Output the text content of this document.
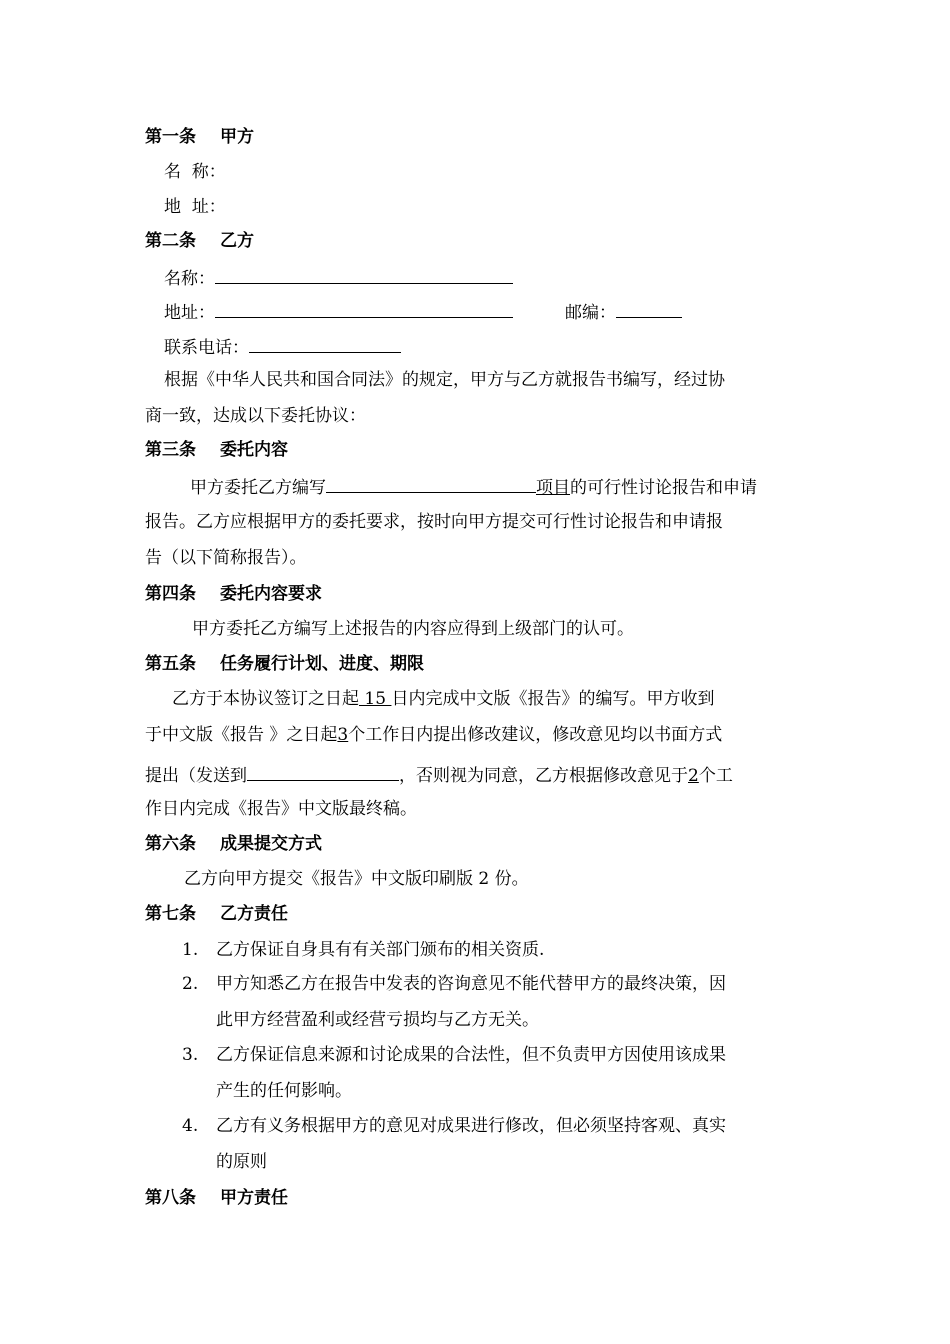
第一条 甲方
名  称：
地  址：
第二条 乙方
名称：
地址：	邮编：
联系电话：
根据《中华人民共和国合同法》的规定，甲方与乙方就报告书编写，经过协
商一致，达成以下委托协议：
第三条 委托内容
甲方委托乙方编写	项目的可行性讨论报告和申请
报告。乙方应根据甲方的委托要求，按时向甲方提交可行性讨论报告和申请报
告（以下简称报告）。
第四条 委托内容要求
甲方委托乙方编写上述报告的内容应得到上级部门的认可。
第五条 任务履行计划、进度、期限
乙方于本协议签订之日起 15 日内完成中文版《报告》的编写。甲方收到
于中文版《报告 》之日起3个工作日内提出修改建议，修改意见均以书面方式
提出（发送到	，否则视为同意，乙方根据修改意见于2个工
作日内完成《报告》中文版最终稿。
第六条 成果提交方式
乙方向甲方提交《报告》中文版印刷版 2 份。
第七条 乙方责任
1. 乙方保证自身具有有关部门颁布的相关资质.
2. 甲方知悉乙方在报告中发表的咨询意见不能代替甲方的最终决策，因
此甲方经营盈利或经营亏损均与乙方无关。
3. 乙方保证信息来源和讨论成果的合法性，但不负责甲方因使用该成果
产生的任何影响。
4. 乙方有义务根据甲方的意见对成果进行修改，但必须坚持客观、真实
的原则
第八条 甲方责任
